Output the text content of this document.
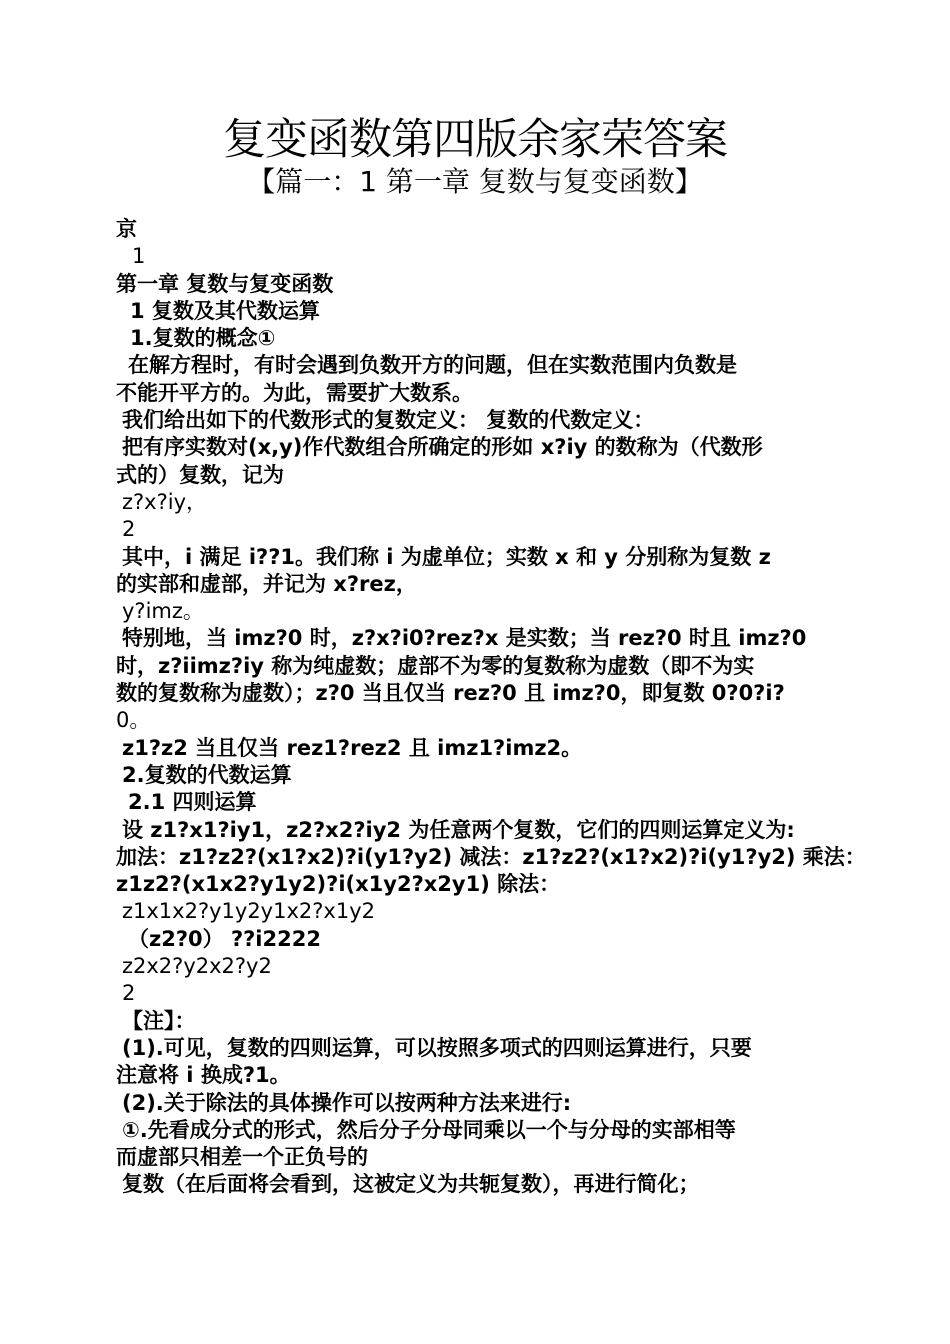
复变函数第四版余家荣答案
【篇一：1 第一章 复数与复变函数】
京
1
第一章 复数与复变函数
1 复数及其代数运算
1.复数的概念①
在解方程时，有时会遇到负数开方的问题，但在实数范围内负数是
不能开平方的。为此，需要扩大数系。
我们给出如下的代数形式的复数定义： 复数的代数定义：
把有序实数对(x,y)作代数组合所确定的形如 x?iy 的数称为（代数形
式的）复数，记为
z?x?iy，
2
其中，i 满足 i??1。我们称 i 为虚单位；实数 x 和 y 分别称为复数 z
的实部和虚部，并记为 x?rez，
y?imz。
特别地，当 imz?0 时，z?x?i0?rez?x 是实数；当 rez?0 时且 imz?0
时，z?iimz?iy 称为纯虚数；虚部不为零的复数称为虚数（即不为实
数的复数称为虚数）；z?0 当且仅当 rez?0 且 imz?0，即复数 0?0?i?
0。
z1?z2 当且仅当 rez1?rez2 且 imz1?imz2。
2.复数的代数运算
2.1 四则运算
设 z1?x1?iy1，z2?x2?iy2 为任意两个复数，它们的四则运算定义为:
加法：z1?z2?(x1?x2)?i(y1?y2) 减法：z1?z2?(x1?x2)?i(y1?y2) 乘法：
z1z2?(x1x2?y1y2)?i(x1y2?x2y1) 除法：
z1x1x2?y1y2y1x2?x1y2
（z2?0） ??i2222
z2x2?y2x2?y2
2
【注】：
(1).可见，复数的四则运算，可以按照多项式的四则运算进行，只要
注意将 i 换成?1。
(2).关于除法的具体操作可以按两种方法来进行:
①.先看成分式的形式，然后分子分母同乘以一个与分母的实部相等
而虚部只相差一个正负号的
复数（在后面将会看到，这被定义为共轭复数），再进行简化；
